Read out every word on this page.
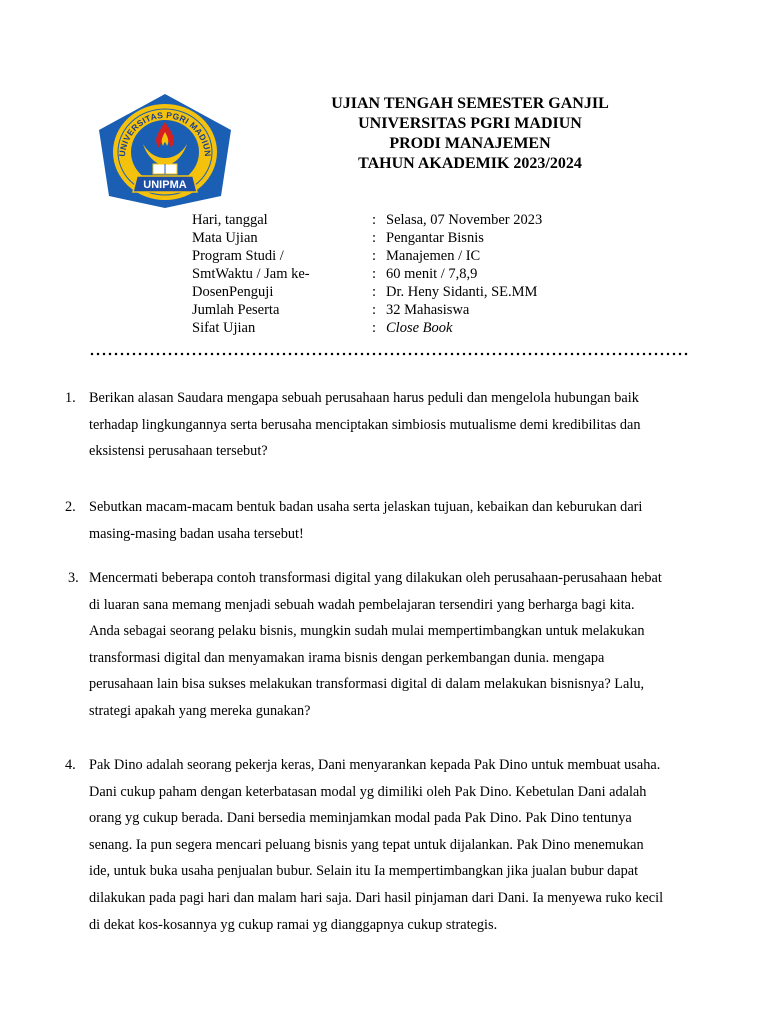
UNIVERSITAS PGRI MADIUN
UNIPMA
UJIAN TENGAH SEMESTER GANJIL
UNIVERSITAS PGRI MADIUN
PRODI MANAJEMEN
TAHUN AKADEMIK 2023/2024
Hari, tanggal	: Selasa, 07 November 2023
Mata Ujian	: Pengantar Bisnis
Program Studi /	: Manajemen / IC
SmtWaktu / Jam ke-	: 60 menit / 7,8,9
DosenPenguji	: Dr. Heny Sidanti, SE.MM
Jumlah Peserta	: 32 Mahasiswa
Sifat Ujian	: Close Book
1. Berikan alasan Saudara mengapa sebuah perusahaan harus peduli dan mengelola hubungan baik
terhadap lingkungannya serta berusaha menciptakan simbiosis mutualisme demi kredibilitas dan
eksistensi perusahaan tersebut?
2. Sebutkan macam-macam bentuk badan usaha serta jelaskan tujuan, kebaikan dan keburukan dari
masing-masing badan usaha tersebut!
3. Mencermati beberapa contoh transformasi digital yang dilakukan oleh perusahaan-perusahaan hebat
di luaran sana memang menjadi sebuah wadah pembelajaran tersendiri yang berharga bagi kita.
Anda sebagai seorang pelaku bisnis, mungkin sudah mulai mempertimbangkan untuk melakukan
transformasi digital dan menyamakan irama bisnis dengan perkembangan dunia. mengapa
perusahaan lain bisa sukses melakukan transformasi digital di dalam melakukan bisnisnya? Lalu,
strategi apakah yang mereka gunakan?
4. Pak Dino adalah seorang pekerja keras, Dani menyarankan kepada Pak Dino untuk membuat usaha.
Dani cukup paham dengan keterbatasan modal yg dimiliki oleh Pak Dino. Kebetulan Dani adalah
orang yg cukup berada. Dani bersedia meminjamkan modal pada Pak Dino. Pak Dino tentunya
senang. Ia pun segera mencari peluang bisnis yang tepat untuk dijalankan. Pak Dino menemukan
ide, untuk buka usaha penjualan bubur. Selain itu Ia mempertimbangkan jika jualan bubur dapat
dilakukan pada pagi hari dan malam hari saja. Dari hasil pinjaman dari Dani. Ia menyewa ruko kecil
di dekat kos-kosannya yg cukup ramai yg dianggapnya cukup strategis.
